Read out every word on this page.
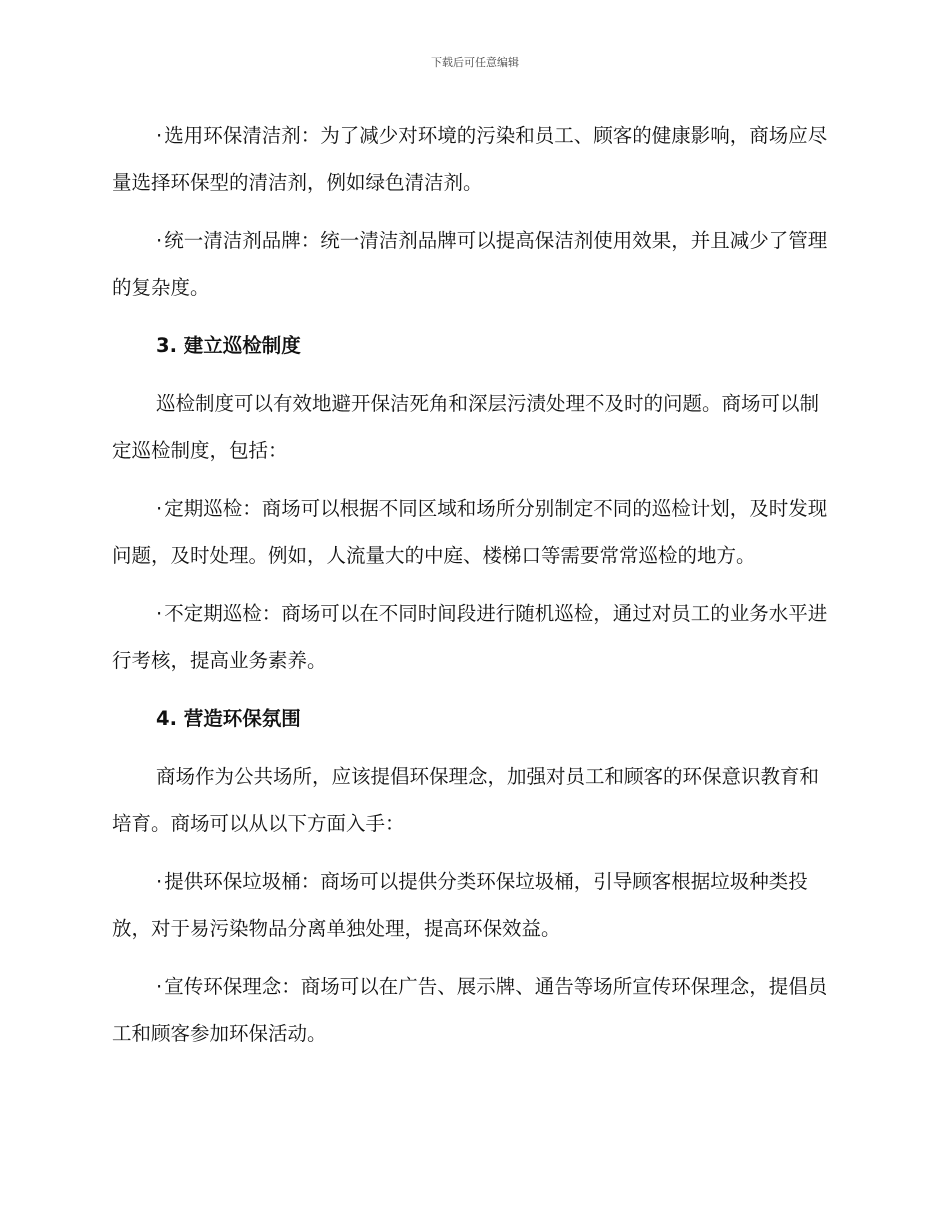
下载后可任意编辑

· 选用环保清洁剂：为了减少对环境的污染和员工、顾客的健康影响，商场应尽量选择环保型的清洁剂，例如绿色清洁剂。

· 统一清洁剂品牌：统一清洁剂品牌可以提高保洁剂使用效果，并且减少了管理的复杂度。

3. 建立巡检制度

巡检制度可以有效地避开保洁死角和深层污渍处理不及时的问题。商场可以制定巡检制度，包括：

· 定期巡检：商场可以根据不同区域和场所分别制定不同的巡检计划，及时发现问题，及时处理。例如，人流量大的中庭、楼梯口等需要常常巡检的地方。

· 不定期巡检：商场可以在不同时间段进行随机巡检，通过对员工的业务水平进行考核，提高业务素养。

4. 营造环保氛围

商场作为公共场所，应该提倡环保理念，加强对员工和顾客的环保意识教育和培育。商场可以从以下方面入手：

· 提供环保垃圾桶：商场可以提供分类环保垃圾桶，引导顾客根据垃圾种类投放，对于易污染物品分离单独处理，提高环保效益。

· 宣传环保理念：商场可以在广告、展示牌、通告等场所宣传环保理念，提倡员工和顾客参加环保活动。
